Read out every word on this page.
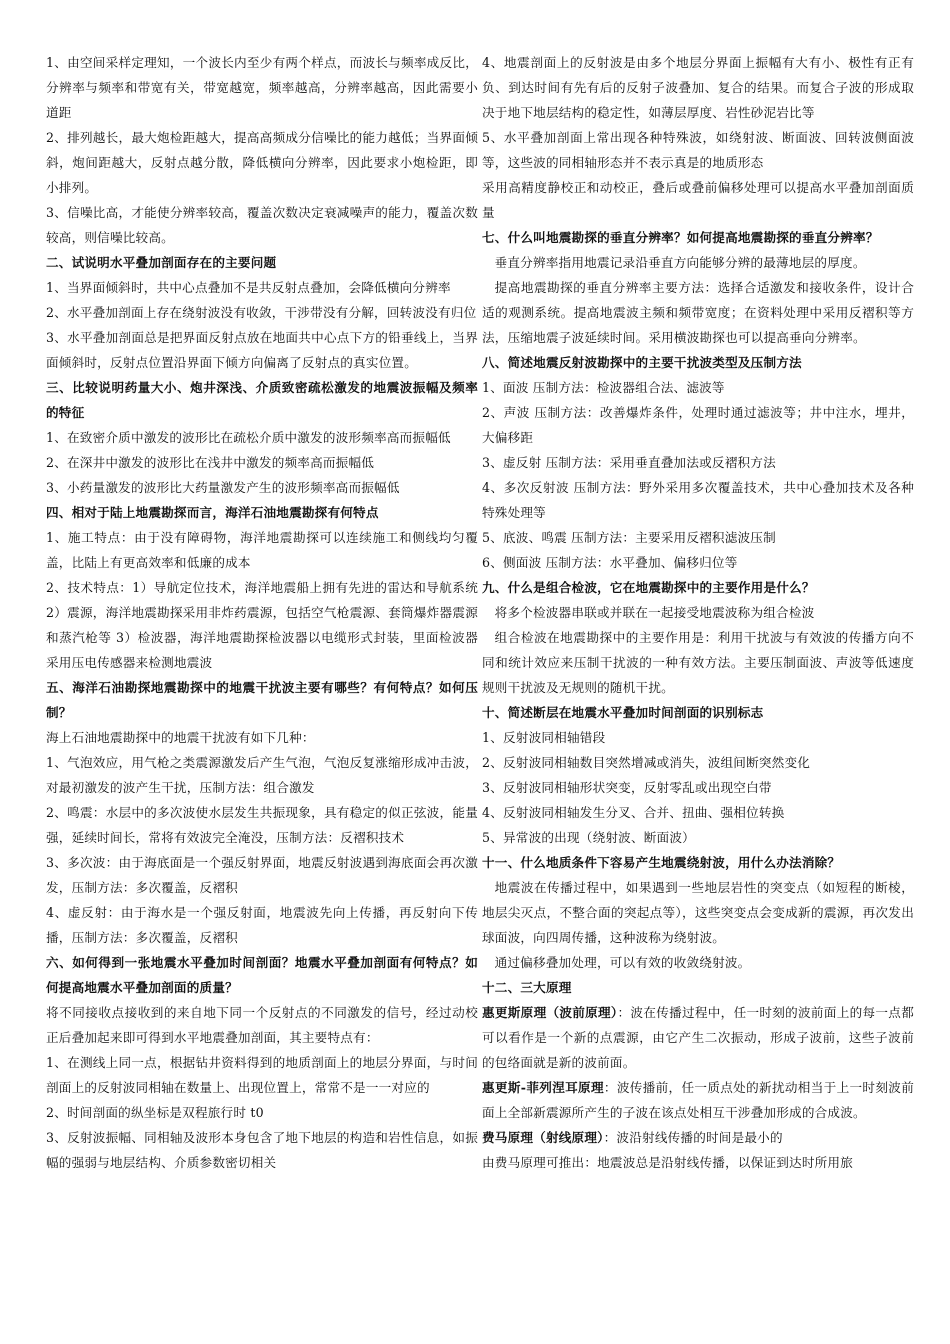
1、由空间采样定理知，一个波长内至少有两个样点，而波长与频率成反比，分辨率与频率和带宽有关，带宽越宽，频率越高，分辨率越高，因此需要小道距

2、排列越长，最大炮检距越大，提高高频成分信噪比的能力越低；当界面倾斜，炮间距越大，反射点越分散，降低横向分辨率，因此要求小炮检距，即小排列。

3、信噪比高，才能使分辨率较高，覆盖次数决定衰减噪声的能力，覆盖次数较高，则信噪比较高。

二、试说明水平叠加剖面存在的主要问题

1、当界面倾斜时，共中心点叠加不是共反射点叠加，会降低横向分辨率

2、水平叠加剖面上存在绕射波没有收敛，干涉带没有分解，回转波没有归位

3、水平叠加剖面总是把界面反射点放在地面共中心点下方的铅垂线上，当界面倾斜时，反射点位置沿界面下倾方向偏离了反射点的真实位置。

三、比较说明药量大小、炮井深浅、介质致密疏松激发的地震波振幅及频率的特征

1、在致密介质中激发的波形比在疏松介质中激发的波形频率高而振幅低

2、在深井中激发的波形比在浅井中激发的频率高而振幅低

3、小药量激发的波形比大药量激发产生的波形频率高而振幅低

四、相对于陆上地震勘探而言，海洋石油地震勘探有何特点

1、施工特点：由于没有障碍物，海洋地震勘探可以连续施工和侧线均匀覆盖，比陆上有更高效率和低廉的成本

2、技术特点：1）导航定位技术，海洋地震船上拥有先进的雷达和导航系统 2）震源，海洋地震勘探采用非炸药震源，包括空气枪震源、套筒爆炸器震源和蒸汽枪等 3）检波器，海洋地震勘探检波器以电缆形式封装，里面检波器采用压电传感器来检测地震波

五、海洋石油勘探地震勘探中的地震干扰波主要有哪些？有何特点？如何压制？

海上石油地震勘探中的地震干扰波有如下几种：

1、气泡效应，用气枪之类震源激发后产生气泡，气泡反复涨缩形成冲击波，对最初激发的波产生干扰，压制方法：组合激发

2、鸣震：水层中的多次波使水层发生共振现象，具有稳定的似正弦波，能量强，延续时间长，常将有效波完全淹没，压制方法：反褶积技术

3、多次波：由于海底面是一个强反射界面，地震反射波遇到海底面会再次激发，压制方法：多次覆盖，反褶积

4、虚反射：由于海水是一个强反射面，地震波先向上传播，再反射向下传播，压制方法：多次覆盖，反褶积

六、如何得到一张地震水平叠加时间剖面？地震水平叠加剖面有何特点？如何提高地震水平叠加剖面的质量？

将不同接收点接收到的来自地下同一个反射点的不同激发的信号，经过动校正后叠加起来即可得到水平地震叠加剖面，其主要特点有：

1、在测线上同一点，根据钻井资料得到的地质剖面上的地层分界面，与时间剖面上的反射波同相轴在数量上、出现位置上，常常不是一一对应的

2、时间剖面的纵坐标是双程旅行时 t0

3、反射波振幅、同相轴及波形本身包含了地下地层的构造和岩性信息，如振幅的强弱与地层结构、介质参数密切相关

4、地震剖面上的反射波是由多个地层分界面上振幅有大有小、极性有正有负、到达时间有先有后的反射子波叠加、复合的结果。而复合子波的形成取决于地下地层结构的稳定性，如薄层厚度、岩性砂泥岩比等

5、水平叠加剖面上常出现各种特殊波，如绕射波、断面波、回转波侧面波等，这些波的同相轴形态并不表示真是的地质形态

采用高精度静校正和动校正，叠后或叠前偏移处理可以提高水平叠加剖面质量

七、什么叫地震勘探的垂直分辨率？如何提高地震勘探的垂直分辨率？

垂直分辨率指用地震记录沿垂直方向能够分辨的最薄地层的厚度。

提高地震勘探的垂直分辨率主要方法：选择合适激发和接收条件，设计合适的观测系统。提高地震波主频和频带宽度；在资料处理中采用反褶积等方法，压缩地震子波延续时间。采用横波勘探也可以提高垂向分辨率。

八、简述地震反射波勘探中的主要干扰波类型及压制方法

1、面波 压制方法：检波器组合法、滤波等

2、声波 压制方法：改善爆炸条件，处理时通过滤波等；井中注水，埋井，大偏移距

3、虚反射 压制方法：采用垂直叠加法或反褶积方法

4、多次反射波 压制方法：野外采用多次覆盖技术，共中心叠加技术及各种特殊处理等

5、底波、鸣震 压制方法：主要采用反褶积滤波压制

6、侧面波 压制方法：水平叠加、偏移归位等

九、什么是组合检波，它在地震勘探中的主要作用是什么？

将多个检波器串联或并联在一起接受地震波称为组合检波

组合检波在地震勘探中的主要作用是：利用干扰波与有效波的传播方向不同和统计效应来压制干扰波的一种有效方法。主要压制面波、声波等低速度规则干扰波及无规则的随机干扰。

十、简述断层在地震水平叠加时间剖面的识别标志

1、反射波同相轴错段

2、反射波同相轴数目突然增减或消失，波组间断突然变化

3、反射波同相轴形状突变，反射零乱或出现空白带

4、反射波同相轴发生分叉、合并、扭曲、强相位转换

5、异常波的出现（绕射波、断面波）

十一、什么地质条件下容易产生地震绕射波，用什么办法消除？

地震波在传播过程中，如果遇到一些地层岩性的突变点（如短程的断棱，地层尖灭点，不整合面的突起点等），这些突变点会变成新的震源，再次发出球面波，向四周传播，这种波称为绕射波。

通过偏移叠加处理，可以有效的收敛绕射波。

十二、三大原理

惠更斯原理（波前原理）：波在传播过程中，任一时刻的波前面上的每一点都可以看作是一个新的点震源，由它产生二次振动，形成子波前，这些子波前的包络面就是新的波前面。

惠更斯-菲列涅耳原理：波传播前，任一质点处的新扰动相当于上一时刻波前面上全部新震源所产生的子波在该点处相互干涉叠加形成的合成波。

费马原理（射线原理）：波沿射线传播的时间是最小的

由费马原理可推出：地震波总是沿射线传播，以保证到达时所用旅
